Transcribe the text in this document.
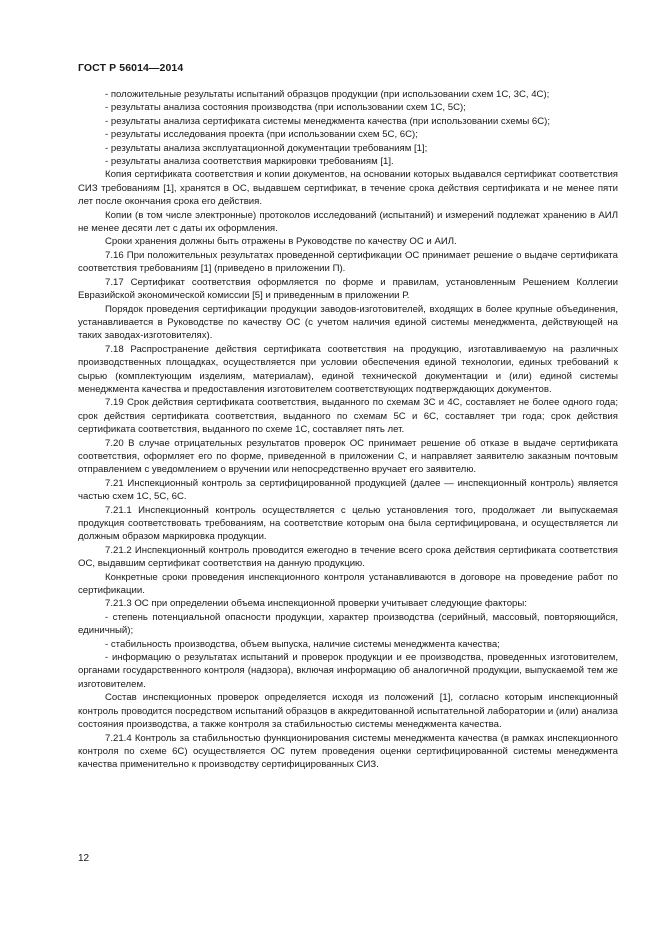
ГОСТ Р 56014—2014

- положительные результаты испытаний образцов продукции (при использовании схем 1С, 3С, 4С);

- результаты анализа состояния производства (при использовании схем 1С, 5С);

- результаты анализа сертификата системы менеджмента качества (при использовании схемы 6С);

- результаты исследования проекта (при использовании схем 5С, 6С);

- результаты анализа эксплуатационной документации требованиям [1];

- результаты анализа соответствия маркировки требованиям [1].

Копия сертификата соответствия и копии документов, на основании которых выдавался сертификат соответствия СИЗ требованиям [1], хранятся в ОС, выдавшем сертификат, в течение срока действия сертификата и не менее пяти лет после окончания срока его действия.

Копии (в том числе электронные) протоколов исследований (испытаний) и измерений подлежат хранению в АИЛ не менее десяти лет с даты их оформления.

Сроки хранения должны быть отражены в Руководстве по качеству ОС и АИЛ.

7.16 При положительных результатах проведенной сертификации ОС принимает решение о выдаче сертификата соответствия требованиям [1] (приведено в приложении П).

7.17 Сертификат соответствия оформляется по форме и правилам, установленным Решением Коллегии Евразийской экономической комиссии [5] и приведенным в приложении Р.

Порядок проведения сертификации продукции заводов-изготовителей, входящих в более крупные объединения, устанавливается в Руководстве по качеству ОС (с учетом наличия единой системы менеджмента, действующей на таких заводах-изготовителях).

7.18 Распространение действия сертификата соответствия на продукцию, изготавливаемую на различных производственных площадках, осуществляется при условии обеспечения единой технологии, единых требований к сырью (комплектующим изделиям, материалам), единой технической документации и (или) единой системы менеджмента качества и предоставления изготовителем соответствующих подтверждающих документов.

7.19 Срок действия сертификата соответствия, выданного по схемам 3С и 4С, составляет не более одного года; срок действия сертификата соответствия, выданного по схемам 5С и 6С, составляет три года; срок действия сертификата соответствия, выданного по схеме 1С, составляет пять лет.

7.20 В случае отрицательных результатов проверок ОС принимает решение об отказе в выдаче сертификата соответствия, оформляет его по форме, приведенной в приложении С, и направляет заявителю заказным почтовым отправлением с уведомлением о вручении или непосредственно вручает его заявителю.

7.21 Инспекционный контроль за сертифицированной продукцией (далее — инспекционный контроль) является частью схем 1С, 5С, 6С.

7.21.1 Инспекционный контроль осуществляется с целью установления того, продолжает ли выпускаемая продукция соответствовать требованиям, на соответствие которым она была сертифицирована, и осуществляется ли должным образом маркировка продукции.

7.21.2 Инспекционный контроль проводится ежегодно в течение всего срока действия сертификата соответствия ОС, выдавшим сертификат соответствия на данную продукцию.

Конкретные сроки проведения инспекционного контроля устанавливаются в договоре на проведение работ по сертификации.

7.21.3 ОС при определении объема инспекционной проверки учитывает следующие факторы:

- степень потенциальной опасности продукции, характер производства (серийный, массовый, повторяющийся, единичный);

- стабильность производства, объем выпуска, наличие системы менеджмента качества;

- информацию о результатах испытаний и проверок продукции и ее производства, проведенных изготовителем, органами государственного контроля (надзора), включая информацию об аналогичной продукции, выпускаемой тем же изготовителем.

Состав инспекционных проверок определяется исходя из положений [1], согласно которым инспекционный контроль проводится посредством испытаний образцов в аккредитованной испытательной лаборатории и (или) анализа состояния производства, а также контроля за стабильностью системы менеджмента качества.

7.21.4 Контроль за стабильностью функционирования системы менеджмента качества (в рамках инспекционного контроля по схеме 6С) осуществляется ОС путем проведения оценки сертифицированной системы менеджмента качества применительно к производству сертифицированных СИЗ.

12
